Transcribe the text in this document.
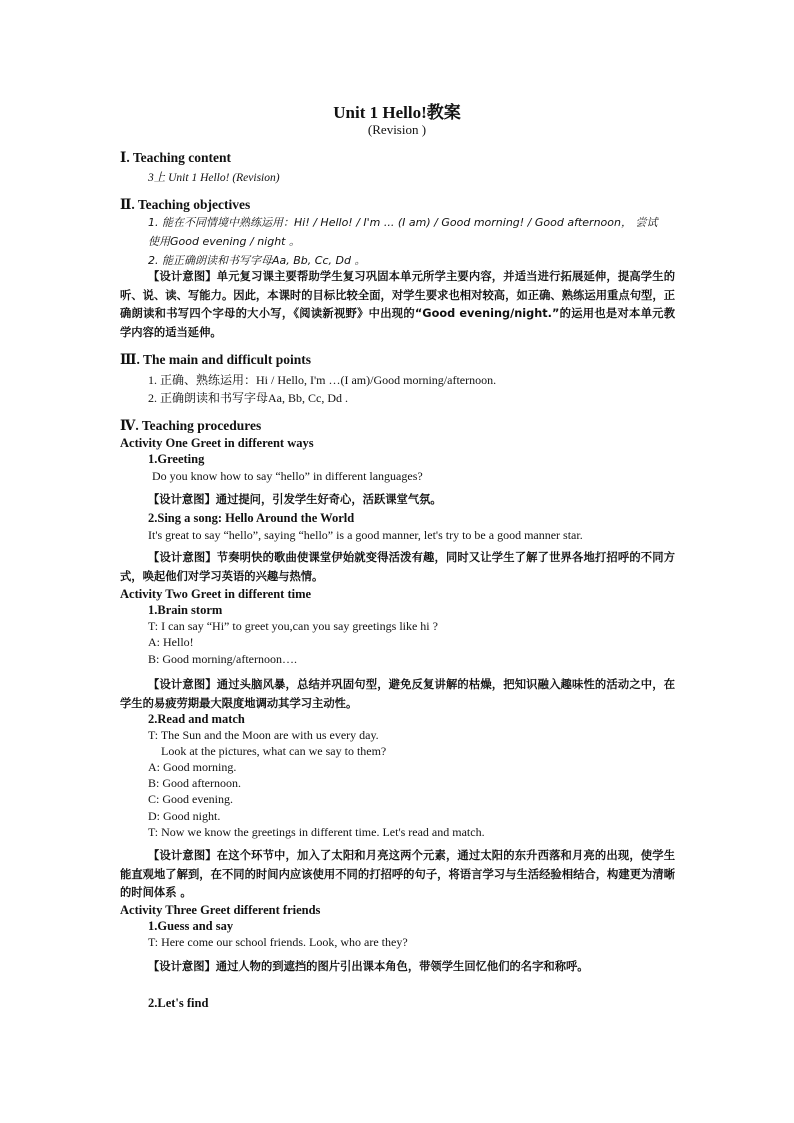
Unit 1 Hello!教案
(Revision )
Ⅰ. Teaching content
3上 Unit 1 Hello! (Revision)
Ⅱ. Teaching objectives
1. 能在不同情境中熟练运用：Hi! / Hello! / I'm ... (I am) / Good morning! / Good afternoon， 尝试
使用Good evening / night 。
2. 能正确朗读和书写字母Aa, Bb, Cc, Dd 。
【设计意图】单元复习课主要帮助学生复习巩固本单元所学主要内容，并适当进行拓展延伸，提高学生的听、说、读、写能力。因此，本课时的目标比较全面，对学生要求也相对较高，如正确、熟练运用重点句型，正确朗读和书写四个字母的大小写，《阅读新视野》中出现的“Good evening/night.”的运用也是对本单元教学内容的适当延伸。
Ⅲ. The main and difficult points
1. 正确、熟练运用：Hi / Hello, I'm …(I am)/Good morning/afternoon.
2. 正确朗读和书写字母Aa, Bb, Cc, Dd .
Ⅳ. Teaching procedures
Activity One Greet in different ways
1.Greeting
Do you know how to say “hello” in different languages?
【设计意图】通过提问，引发学生好奇心，活跃课堂气氛。
2.Sing a song: Hello Around the World
It's great to say “hello”, saying “hello” is a good manner, let's try to be a good manner star.
【设计意图】节奏明快的歌曲使课堂伊始就变得活泼有趣，同时又让学生了解了世界各地打招呼的不同方式，唤起他们对学习英语的兴趣与热情。
Activity Two Greet in different time
1.Brain storm
T: I can say “Hi” to greet you,can you say greetings like hi ?
A: Hello!
B: Good morning/afternoon….
【设计意图】通过头脑风暴，总结并巩固句型，避免反复讲解的枯燥，把知识融入趣味性的活动之中，在学生的易疲劳期最大限度地调动其学习主动性。
2.Read and match
T: The Sun and the Moon are with us every day.
Look at the pictures, what can we say to them?
A: Good morning.
B: Good afternoon.
C: Good evening.
D: Good night.
T: Now we know the greetings in different time. Let's read and match.
【设计意图】在这个环节中，加入了太阳和月亮这两个元素，通过太阳的东升西落和月亮的出现，使学生能直观地了解到，在不同的时间内应该使用不同的打招呼的句子，将语言学习与生活经验相结合，构建更为清晰的时间体系 。
Activity Three Greet different friends
1.Guess and say
T: Here come our school friends. Look, who are they?
【设计意图】通过人物的到遮挡的图片引出课本角色，带领学生回忆他们的名字和称呼。
2.Let's find
